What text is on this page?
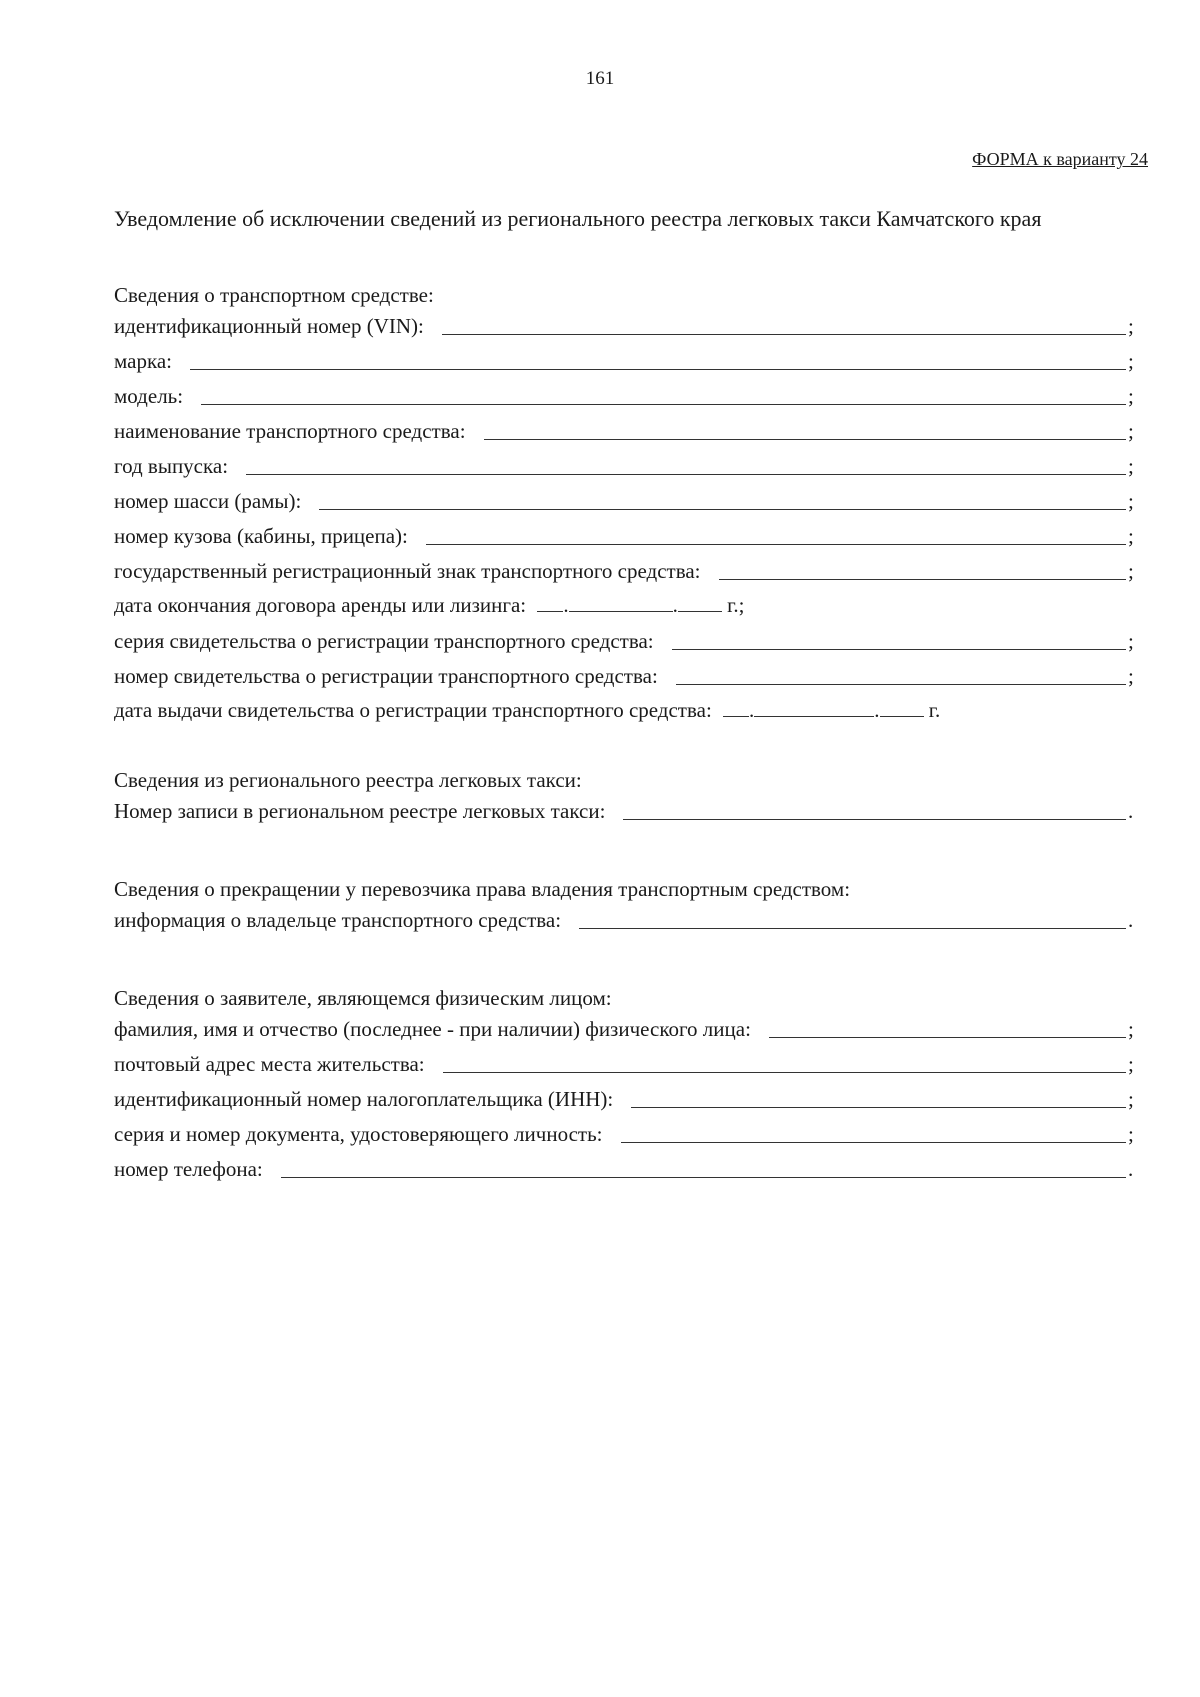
161
ФОРМА к варианту 24
Уведомление об исключении сведений из регионального реестра легковых такси Камчатского края
Сведения о транспортном средстве:
идентификационный номер (VIN):	;
марка:	;
модель:	;
наименование транспортного средства:	;
год выпуска:	;
номер шасси (рамы):	;
номер кузова (кабины, прицепа):	;
государственный регистрационный знак транспортного средства:	;
дата окончания договора аренды или лизинга: .	. г.;
серия свидетельства о регистрации транспортного средства:	;
номер свидетельства о регистрации транспортного средства:	;
дата выдачи свидетельства о регистрации транспортного средства: .	. г.
Сведения из регионального реестра легковых такси:
Номер записи в региональном реестре легковых такси:	.
Сведения о прекращении у перевозчика права владения транспортным средством:
информация о владельце транспортного средства:	.
Сведения о заявителе, являющемся физическим лицом:
фамилия, имя и отчество (последнее - при наличии) физического лица:	;
почтовый адрес места жительства:	;
идентификационный номер налогоплательщика (ИНН):	;
серия и номер документа, удостоверяющего личность:	;
номер телефона:	.
